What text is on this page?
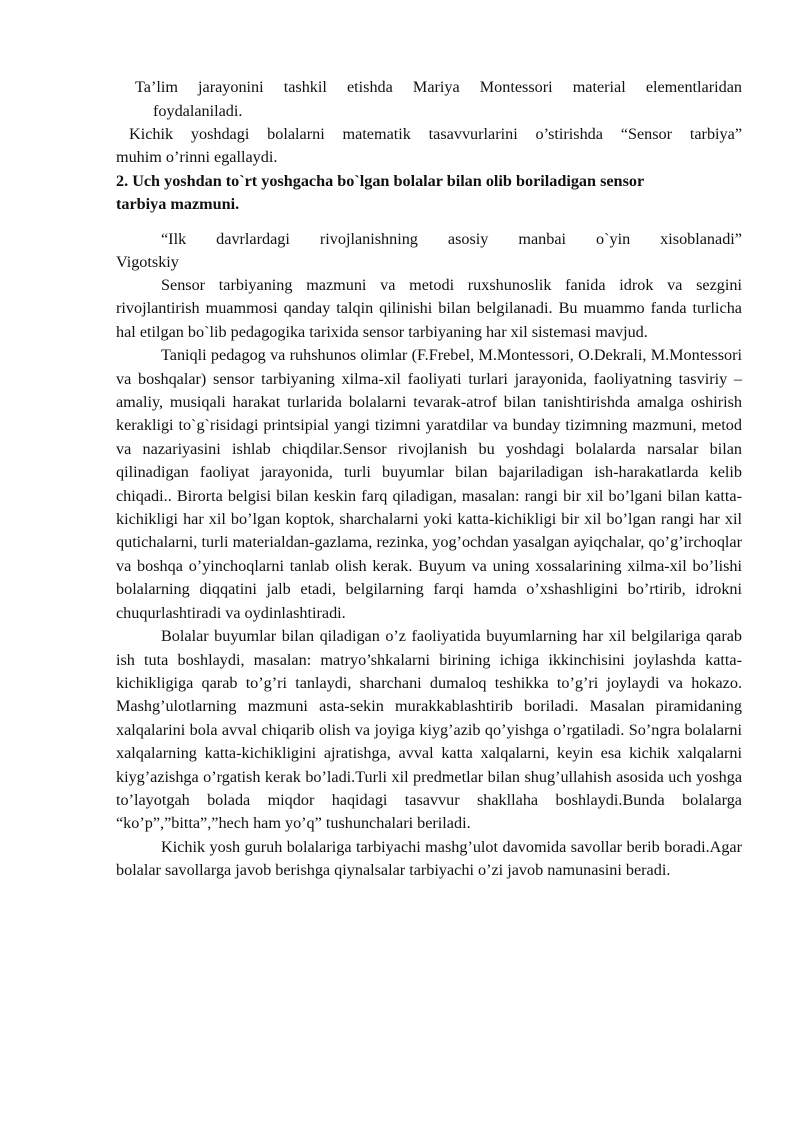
Ta’lim jarayonini tashkil etishda Mariya Montessori material elementlaridan
foydalaniladi.
Kichik yoshdagi bolalarni matematik tasavvurlarini o’stirishda “Sensor tarbiya”
muhim o’rinni egallaydi.

2. Uch yoshdan to`rt yoshgacha bo`lgan bolalar bilan olib boriladigan sensor

tarbiya mazmuni.

“Ilk davrlardagi rivojlanishning asosiy manbai o`yin xisoblanadi”
Vigotskiy

Sensor tarbiyaning mazmuni va metodi ruxshunoslik fanida idrok va sezgini rivojlantirish muammosi qanday talqin qilinishi bilan belgilanadi. Bu muammo fanda turlicha hal etilgan bo`lib pedagogika tarixida sensor tarbiyaning har xil sistemasi mavjud.

Taniqli pedagog va ruhshunos olimlar (F.Frebel, M.Montessori, O.Dekrali, M.Montessori va boshqalar) sensor tarbiyaning xilma-xil faoliyati turlari jarayonida, faoliyatning tasviriy –amaliy, musiqali harakat turlarida bolalarni tevarak-atrof bilan tanishtirishda amalga oshirish kerakligi to`g`risidagi printsipial yangi tizimni yaratdilar va bunday tizimning mazmuni, metod va nazariyasini ishlab chiqdilar.Sensor rivojlanish bu yoshdagi bolalarda narsalar bilan qilinadigan faoliyat jarayonida, turli buyumlar bilan bajariladigan ish-harakatlarda kelib chiqadi.. Birorta belgisi bilan keskin farq qiladigan, masalan: rangi bir xil bo’lgani bilan katta-kichikligi har xil bo’lgan koptok, sharchalarni yoki katta-kichikligi bir xil bo’lgan rangi har xil qutichalarni, turli materialdan-gazlama, rezinka, yog’ochdan yasalgan ayiqchalar, qo’g’irchoqlar va boshqa o’yinchoqlarni tanlab olish kerak. Buyum va uning xossalarining xilma-xil bo’lishi bolalarning diqqatini jalb etadi, belgilarning farqi hamda o’xshashligini bo’rtirib, idrokni chuqurlashtiradi va oydinlashtiradi.

Bolalar buyumlar bilan qiladigan o’z faoliyatida buyumlarning har xil belgilariga qarab ish tuta boshlaydi, masalan: matryo’shkalarni birining ichiga ikkinchisini joylashda katta-kichikligiga qarab to’g’ri tanlaydi, sharchani dumaloq teshikka to’g’ri joylaydi va hokazo. Mashg’ulotlarning mazmuni asta-sekin murakkablashtirib boriladi. Masalan piramidaning xalqalarini bola avval chiqarib olish va joyiga kiyg’azib qo’yishga o’rgatiladi. So’ngra bolalarni xalqalarning katta-kichikligini ajratishga, avval katta xalqalarni, keyin esa kichik xalqalarni kiyg’azishga o’rgatish kerak bo’ladi.Turli xil predmetlar bilan shug’ullahish asosida uch yoshga to’layotgah bolada miqdor haqidagi tasavvur shakllaha boshlaydi.Bunda bolalarga “ko’p”,”bitta”,”hech ham yo’q” tushunchalari beriladi.

Kichik yosh guruh bolalariga tarbiyachi mashg’ulot davomida savollar berib boradi.Agar bolalar savollarga javob berishga qiynalsalar tarbiyachi o’zi javob namunasini beradi.
